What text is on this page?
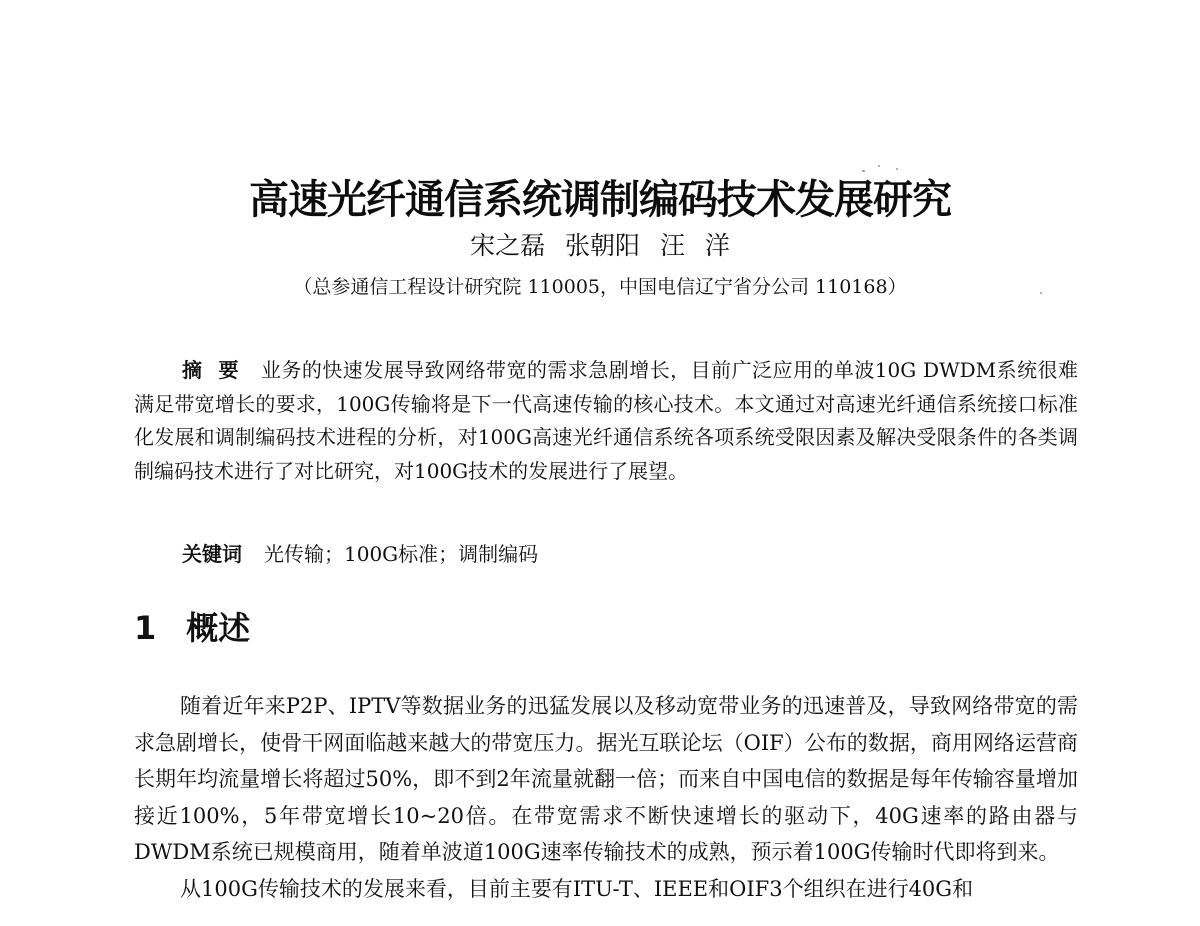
高速光纤通信系统调制编码技术发展研究
宋之磊 张朝阳 汪 洋
（总参通信工程设计研究院 110005，中国电信辽宁省分公司 110168）
摘要 业务的快速发展导致网络带宽的需求急剧增长，目前广泛应用的单波10G DWDM系统很难满足带宽增长的要求，100G传输将是下一代高速传输的核心技术。本文通过对高速光纤通信系统接口标准化发展和调制编码技术进程的分析，对100G高速光纤通信系统各项系统受限因素及解决受限条件的各类调制编码技术进行了对比研究，对100G技术的发展进行了展望。
关键词 光传输；100G标准；调制编码
1 概述

随着近年来P2P、IPTV等数据业务的迅猛发展以及移动宽带业务的迅速普及，导致网络带宽的需求急剧增长，使骨干网面临越来越大的带宽压力。据光互联论坛（OIF）公布的数据，商用网络运营商长期年均流量增长将超过50%，即不到2年流量就翻一倍；而来自中国电信的数据是每年传输容量增加接近100%，5年带宽增长10~20倍。在带宽需求不断快速增长的驱动下，40G速率的路由器与DWDM系统已规模商用，随着单波道100G速率传输技术的成熟，预示着100G传输时代即将到来。

从100G传输技术的发展来看，目前主要有ITU-T、IEEE和OIF3个组织在进行40G和
